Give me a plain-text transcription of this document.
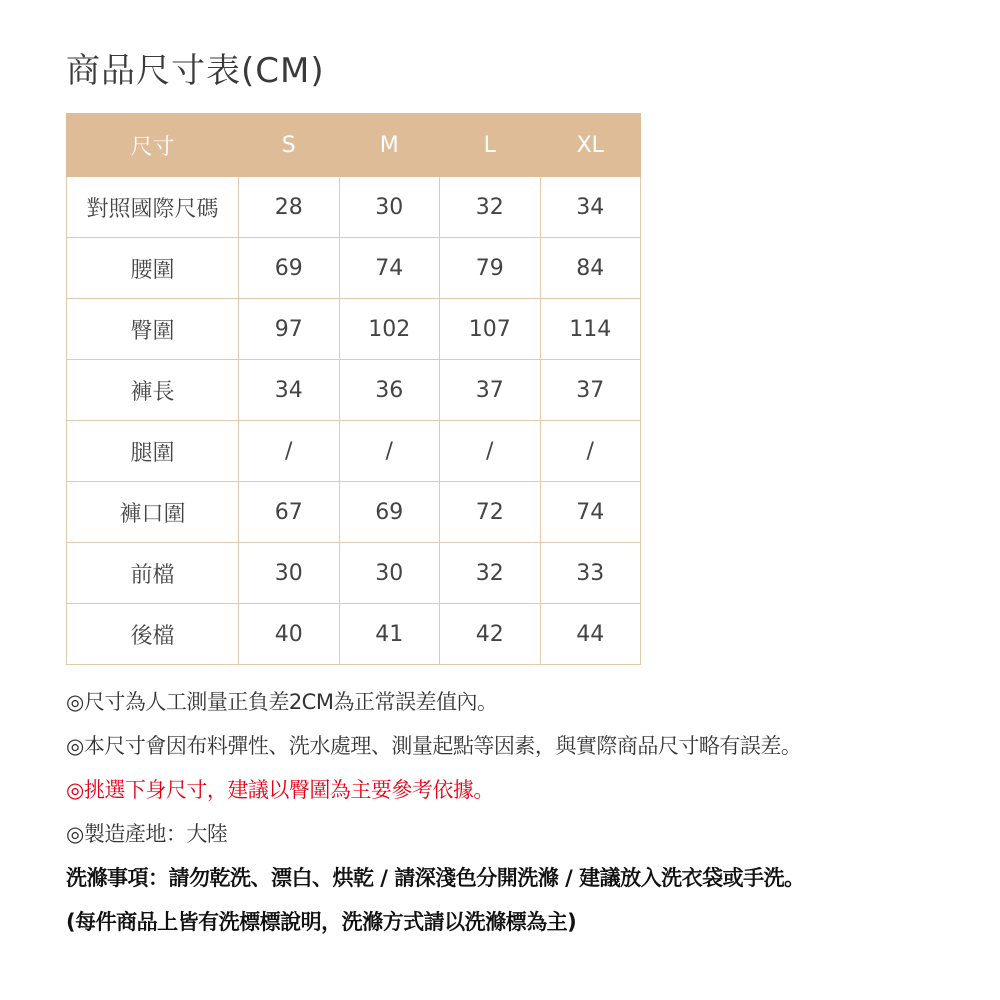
商品尺寸表(CM)
尺寸	S	M	L	XL
對照國際尺碼	28	30	32	34
腰圍	69	74	79	84
臀圍	97	102	107	114
褲長	34	36	37	37
腿圍	/	/	/	/
褲口圍	67	69	72	74
前檔	30	30	32	33
後檔	40	41	42	44
◎尺寸為人工測量正負差2CM為正常誤差值內。
◎本尺寸會因布料彈性、洗水處理、測量起點等因素，與實際商品尺寸略有誤差。
◎挑選下身尺寸，建議以臀圍為主要參考依據。
◎製造產地：大陸
洗滌事項：請勿乾洗、漂白、烘乾 / 請深淺色分開洗滌 / 建議放入洗衣袋或手洗。
(每件商品上皆有洗標標說明，洗滌方式請以洗滌標為主)
